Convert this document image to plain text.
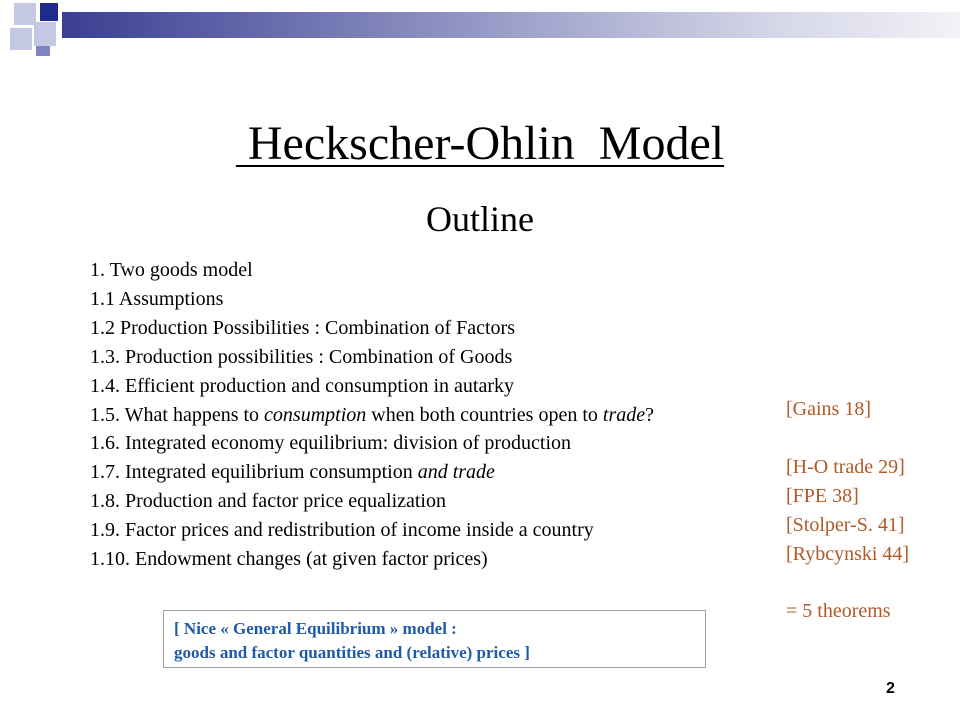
Heckscher-Ohlin  Model
Outline
1. Two goods model
1.1 Assumptions
1.2 Production Possibilities : Combination of Factors
1.3. Production possibilities : Combination of Goods
1.4. Efficient production and consumption in autarky
1.5. What happens to consumption when both countries open to trade?
1.6. Integrated economy equilibrium: division of production
1.7. Integrated equilibrium consumption and trade
1.8. Production and factor price equalization
1.9. Factor prices and redistribution of income inside a country
1.10. Endowment changes (at given factor prices)
[Gains 18]
[H-O trade 29]
[FPE 38]
[Stolper-S. 41]
[Rybcynski 44]
= 5 theorems
[ Nice « General Equilibrium » model :
goods and factor quantities and (relative) prices ]
2
